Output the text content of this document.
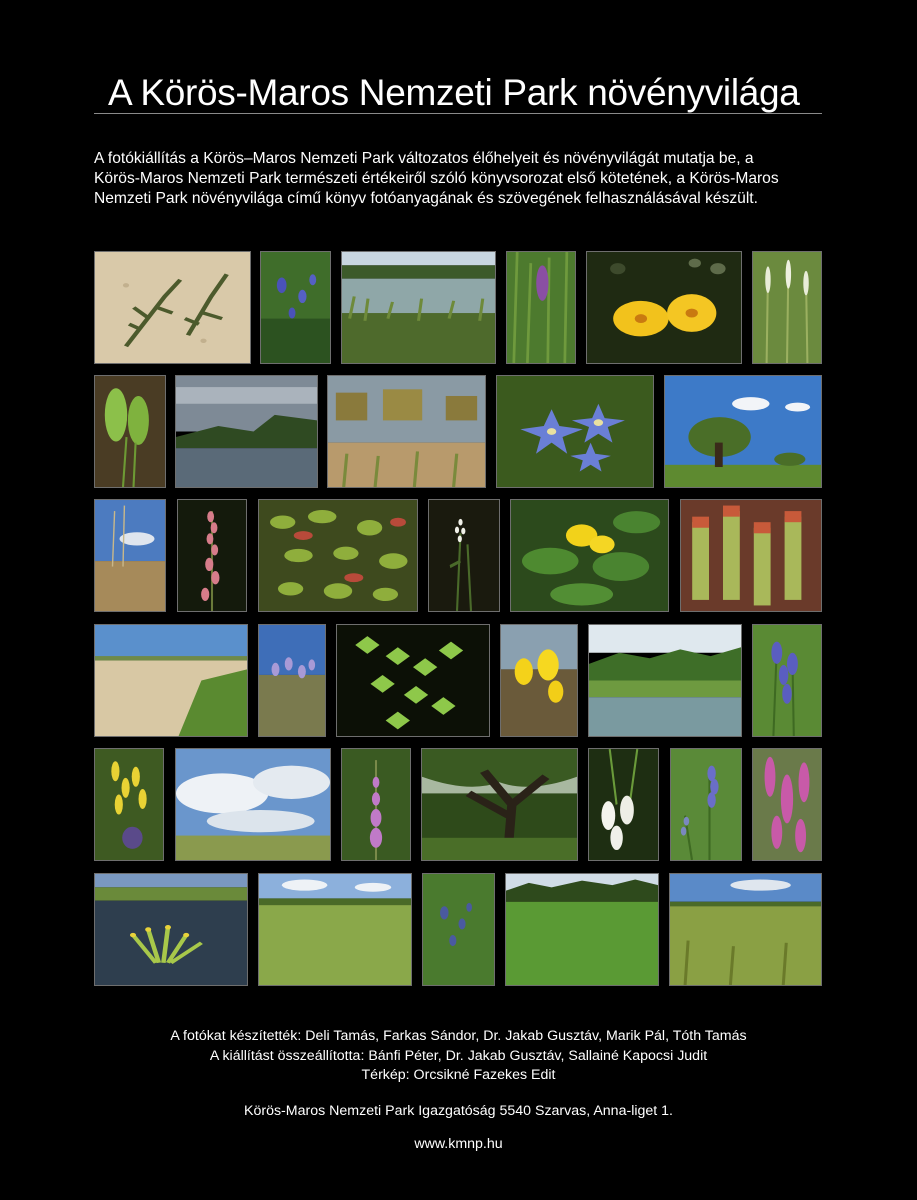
A Körös-Maros Nemzeti Park növényvilága
A fotókiállítás a Körös–Maros Nemzeti Park változatos élőhelyeit és növényvilágát mutatja be, a
Körös-Maros Nemzeti Park természeti értékeiről szóló könyvsorozat első kötetének, a Körös-Maros
Nemzeti Park növényvilága című könyv fotóanyagának és szövegének felhasználásával készült.
A fotókat készítették: Deli Tamás, Farkas Sándor, Dr. Jakab Gusztáv, Marik Pál, Tóth Tamás
A kiállítást összeállította: Bánfi Péter, Dr. Jakab Gusztáv, Sallainé Kapocsi Judit
Térkép: Orcsikné Fazekes Edit
Körös-Maros Nemzeti Park Igazgatóság 5540 Szarvas, Anna-liget 1.
www.kmnp.hu
